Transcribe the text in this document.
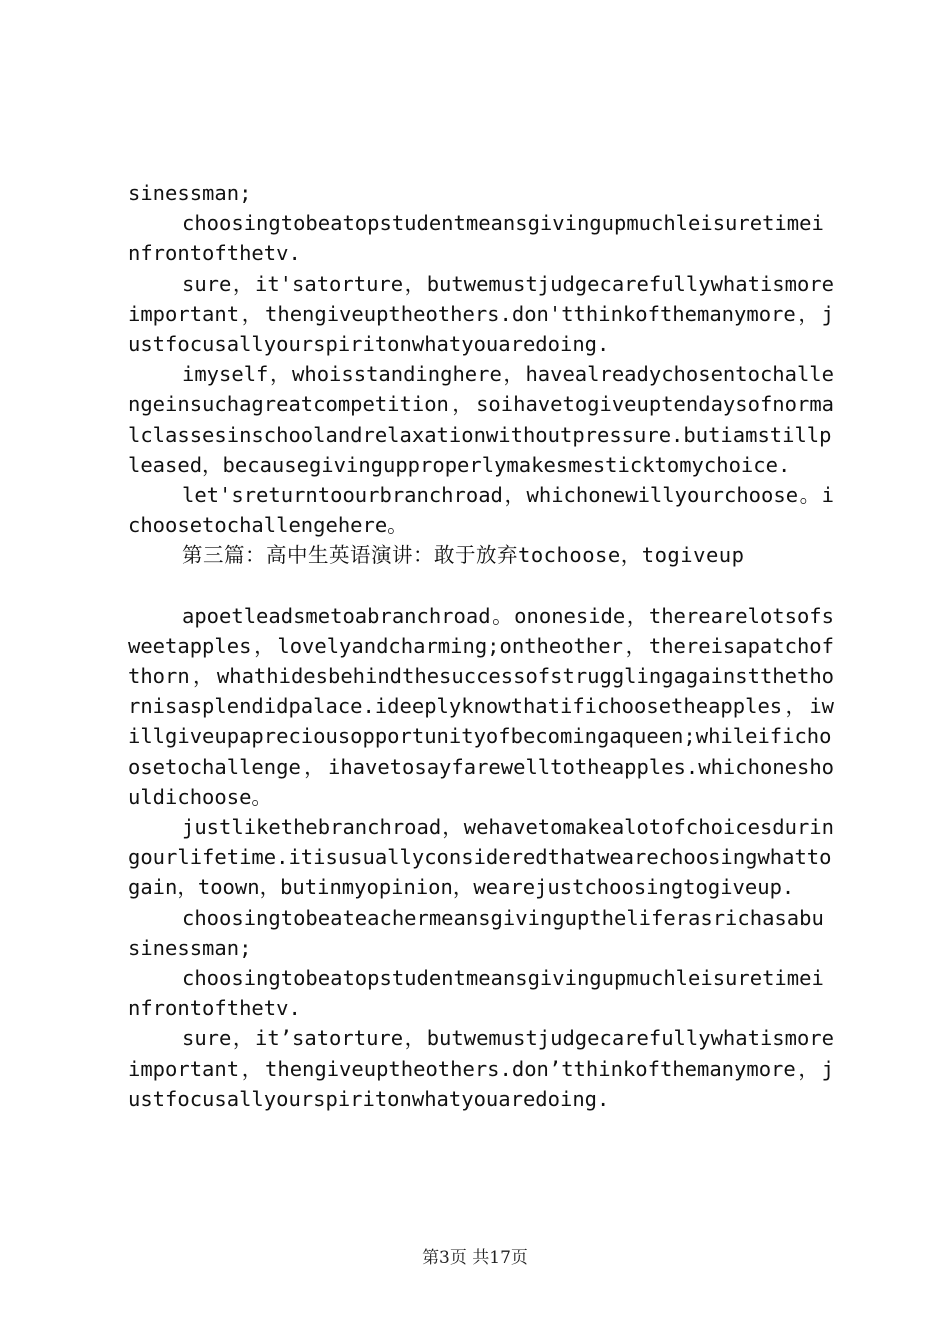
sinessman;

choosingtobeatopstudentmeansgivingupmuchleisuretimeinfrontofthetv.

sure，it'satorture，butwemustjudgecarefullywhatismoreimportant，thengiveuptheothers.don'tthinkofthemanymore，justfocusallyourspiritonwhatyouaredoing.

imyself，whoisstandinghere，havealreadychosentochallengeinsuchagreatcompetition，soihavetogiveuptendaysofnormalclassesinschoolandrelaxationwithoutpressure.butiamstillpleased，becausegivingupproperlymakesmesticktomychoice.

let'sreturntoourbranchroad，whichonewillyourchoose。ichoosetochallengehere。

第三篇：高中生英语演讲：敢于放弃tochoose，togiveup

apoetleadsmetoabranchroad。ononeside，therearelotsofsweetapples，lovelyandcharming;ontheother，thereisapatchofthorn，whathidesbehindthesuccessofstrugglingagainstthethornisasplendidpalace.ideeplyknowthatifichoosetheapples，iwillgiveupapreciousopportunityofbecomingaqueen;whileifichoosetochallenge，ihavetosayfarewelltotheapples.whichoneshouldichoose。

justlikethebranchroad，wehavetomakealotofchoicesduringourlifetime.itisusuallyconsideredthatwearechoosingwhattogain，toown，butinmyopinion，wearejustchoosingtogiveup.

choosingtobeateachermeansgivinguptheliferasrichasabusinessman;

choosingtobeatopstudentmeansgivingupmuchleisuretimeinfrontofthetv.

sure，it’satorture，butwemustjudgecarefullywhatismoreimportant，thengiveuptheothers.don’tthinkofthemanymore，justfocusallyourspiritonwhatyouaredoing.

第3页 共17页
